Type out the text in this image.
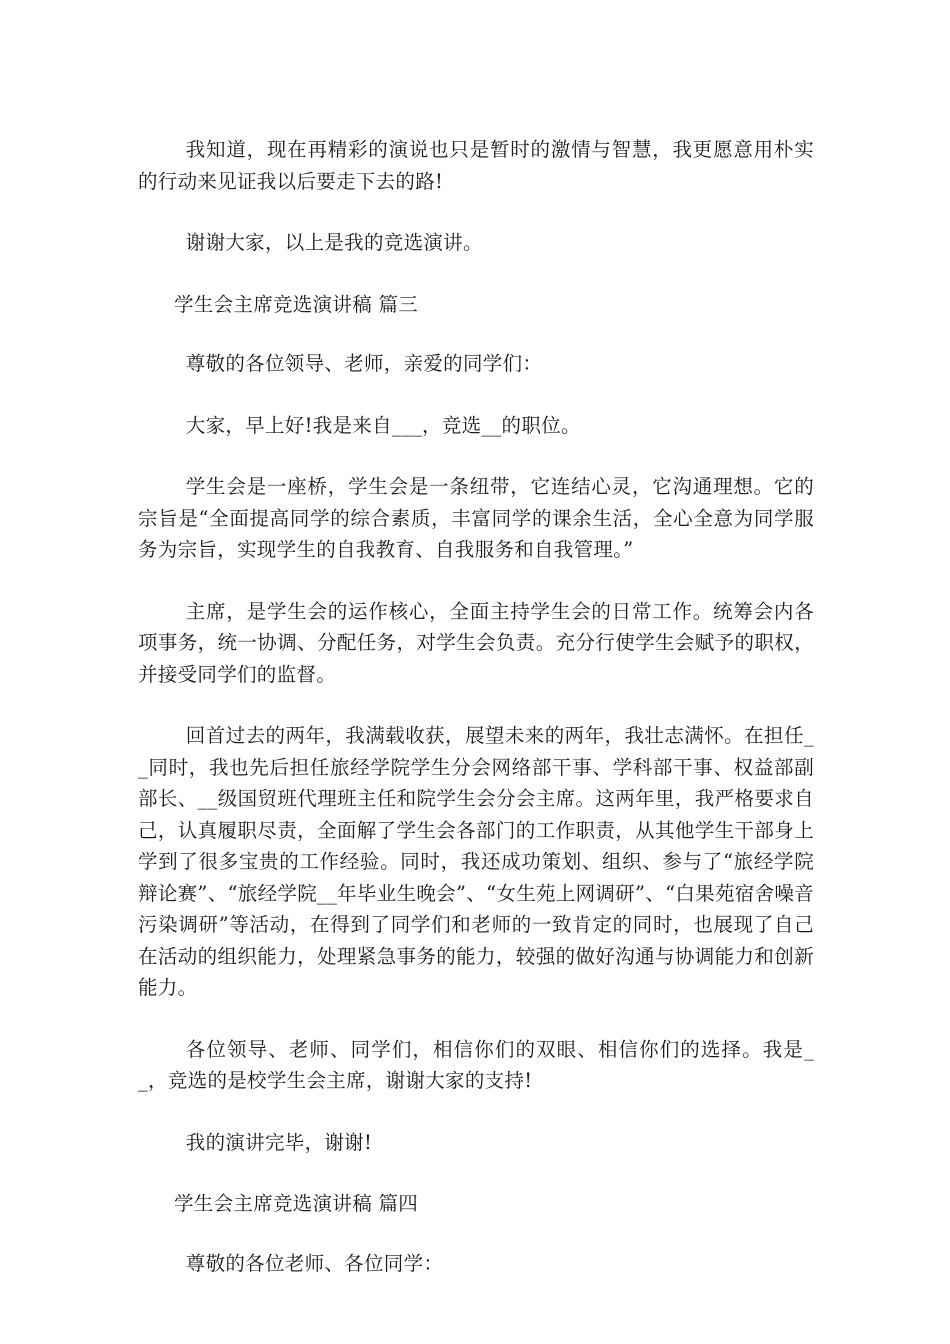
我知道，现在再精彩的演说也只是暂时的激情与智慧，我更愿意用朴实的行动来见证我以后要走下去的路!

谢谢大家，以上是我的竞选演讲。

学生会主席竞选演讲稿 篇三

尊敬的各位领导、老师，亲爱的同学们：

大家，早上好!我是来自___，竞选__的职位。

学生会是一座桥，学生会是一条纽带，它连结心灵，它沟通理想。它的宗旨是“全面提高同学的综合素质，丰富同学的课余生活，全心全意为同学服务为宗旨，实现学生的自我教育、自我服务和自我管理。”

主席，是学生会的运作核心，全面主持学生会的日常工作。统筹会内各项事务，统一协调、分配任务，对学生会负责。充分行使学生会赋予的职权，并接受同学们的监督。

回首过去的两年，我满载收获，展望未来的两年，我壮志满怀。在担任__同时，我也先后担任旅经学院学生分会网络部干事、学科部干事、权益部副部长、__级国贸班代理班主任和院学生会分会主席。这两年里，我严格要求自己，认真履职尽责，全面解了学生会各部门的工作职责，从其他学生干部身上学到了很多宝贵的工作经验。同时，我还成功策划、组织、参与了“旅经学院辩论赛”、“旅经学院__年毕业生晚会”、“女生苑上网调研”、“白果苑宿舍噪音污染调研”等活动，在得到了同学们和老师的一致肯定的同时，也展现了自己在活动的组织能力，处理紧急事务的能力，较强的做好沟通与协调能力和创新能力。

各位领导、老师、同学们，相信你们的双眼、相信你们的选择。我是__，竞选的是校学生会主席，谢谢大家的支持!

我的演讲完毕，谢谢!

学生会主席竞选演讲稿 篇四

尊敬的各位老师、各位同学：
